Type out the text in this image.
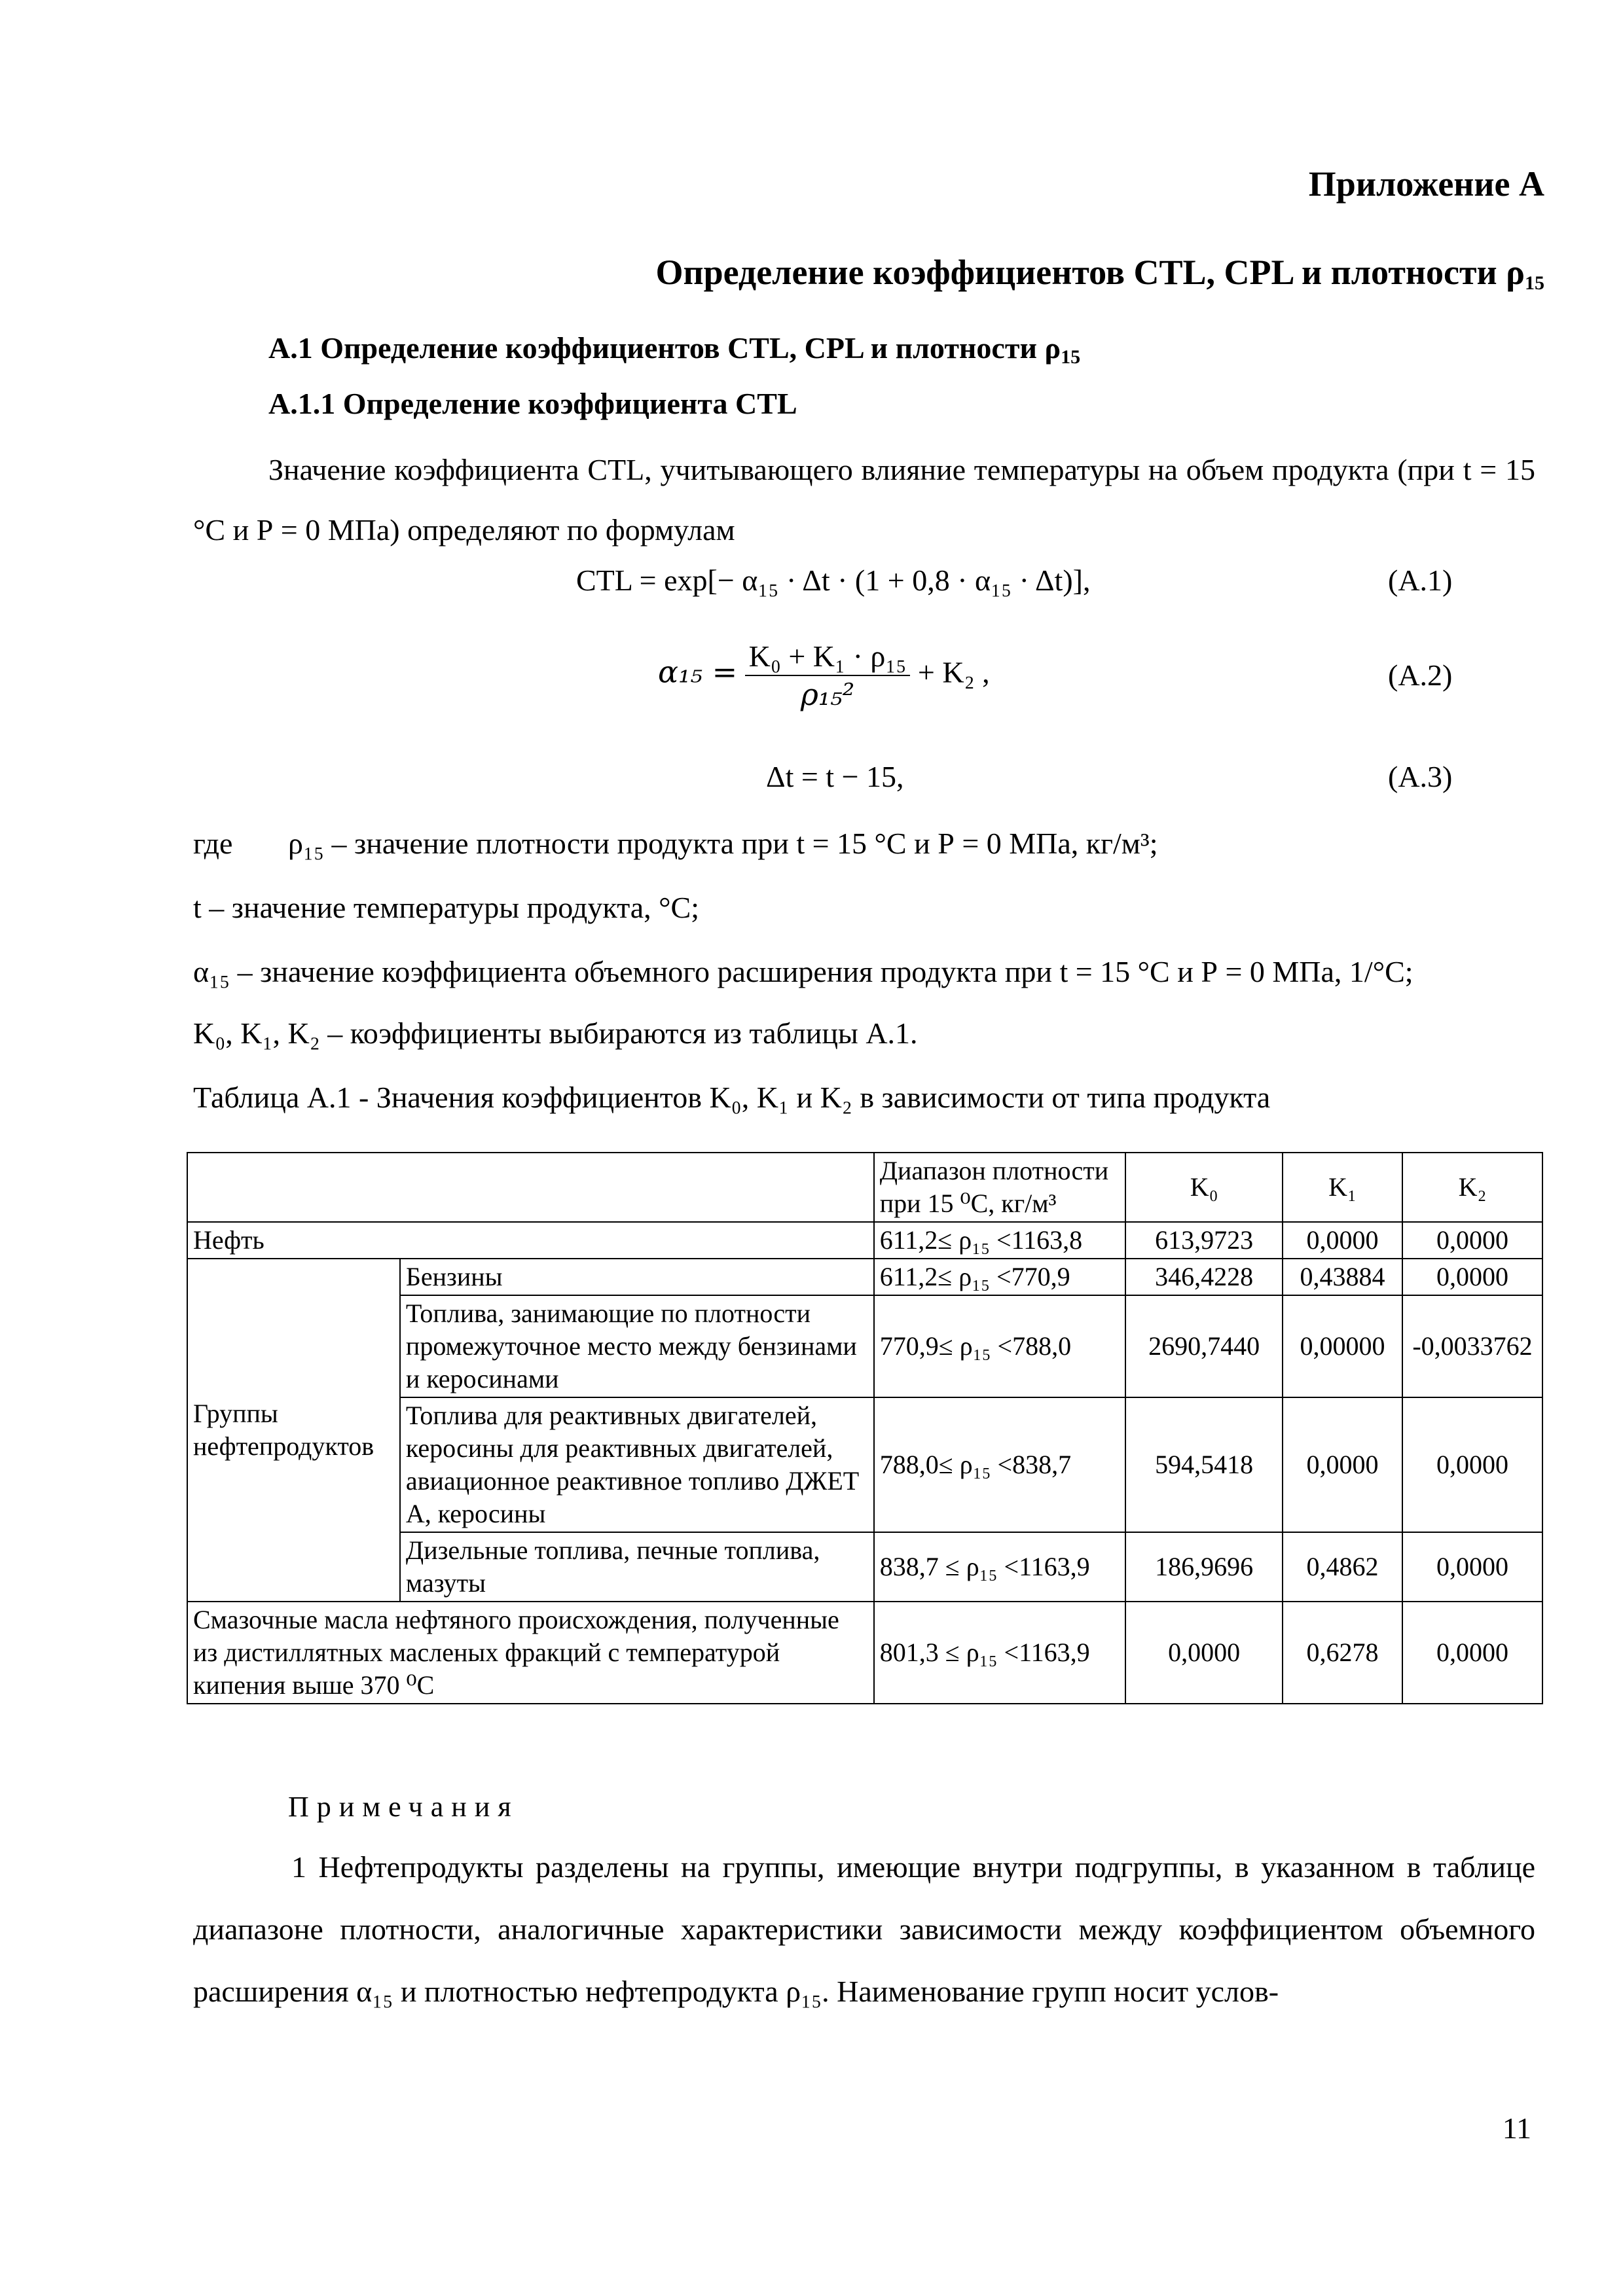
Приложение А
Определение коэффициентов CTL, CPL и плотности $\rho_{15}$
А.1 Определение коэффициентов CTL, CPL и плотности $\rho_{15}$
А.1.1 Определение коэффициента CTL
Значение коэффициента CTL, учитывающего влияние температуры на объем продукта (при t = 15 °С и Р = 0 МПа) определяют по формулам
CTL = exp[− α₁₅ · Δt · (1 + 0,8 · α₁₅ · Δt)],	(А.1)
$\alpha_{15} = \frac{\text{K₀ + K₁ · ρ₁₅}}{\text{ρ₁₅²}} + K_2$ ,	(А.2)
Δt = t − 15,	(А.3)
где ρ₁₅ – значение плотности продукта при t = 15 °С и Р = 0 МПа, кг/м³;
t – значение температуры продукта, °С;
α₁₅ – значение коэффициента объемного расширения продукта при t = 15 °С и Р = 0 МПа, 1/°С;
K₀, K₁, K₂ – коэффициенты выбираются из таблицы А.1.
Таблица А.1 - Значения коэффициентов K₀, K₁ и K₂ в зависимости от типа продукта
		Диапазон плотности при 15 ⁰С, кг/м³	K₀	K₁	K₂
Нефть		611,2≤ ρ₁₅ <1163,8	613,9723	0,0000	0,0000
Группы нефтепродуктов	Бензины	611,2≤ ρ₁₅ <770,9	346,4228	0,43884	0,0000
	Топлива, занимающие по плотности промежуточное место между бензинами и керосинами	770,9≤ ρ₁₅ <788,0	2690,7440	0,00000	-0,0033762
	Топлива для реактивных двигателей, керосины для реактивных двигателей, авиационное реактивное топливо ДЖЕТ А, керосины	788,0≤ ρ₁₅ <838,7	594,5418	0,0000	0,0000
	Дизельные топлива, печные топлива, мазуты	838,7 ≤ ρ₁₅ <1163,9	186,9696	0,4862	0,0000
Смазочные масла нефтяного происхождения, полученные из дистиллятных масленых фракций с температурой кипения выше 370 ⁰С		801,3 ≤ ρ₁₅ <1163,9	0,0000	0,6278	0,0000
Примечания
1 Нефтепродукты разделены на группы, имеющие внутри подгруппы, в указанном в таблице диапазоне плотности, аналогичные характеристики зависимости между коэффициентом объемного расширения α₁₅ и плотностью нефтепродукта ρ₁₅. Наименование групп носит услов-
11
